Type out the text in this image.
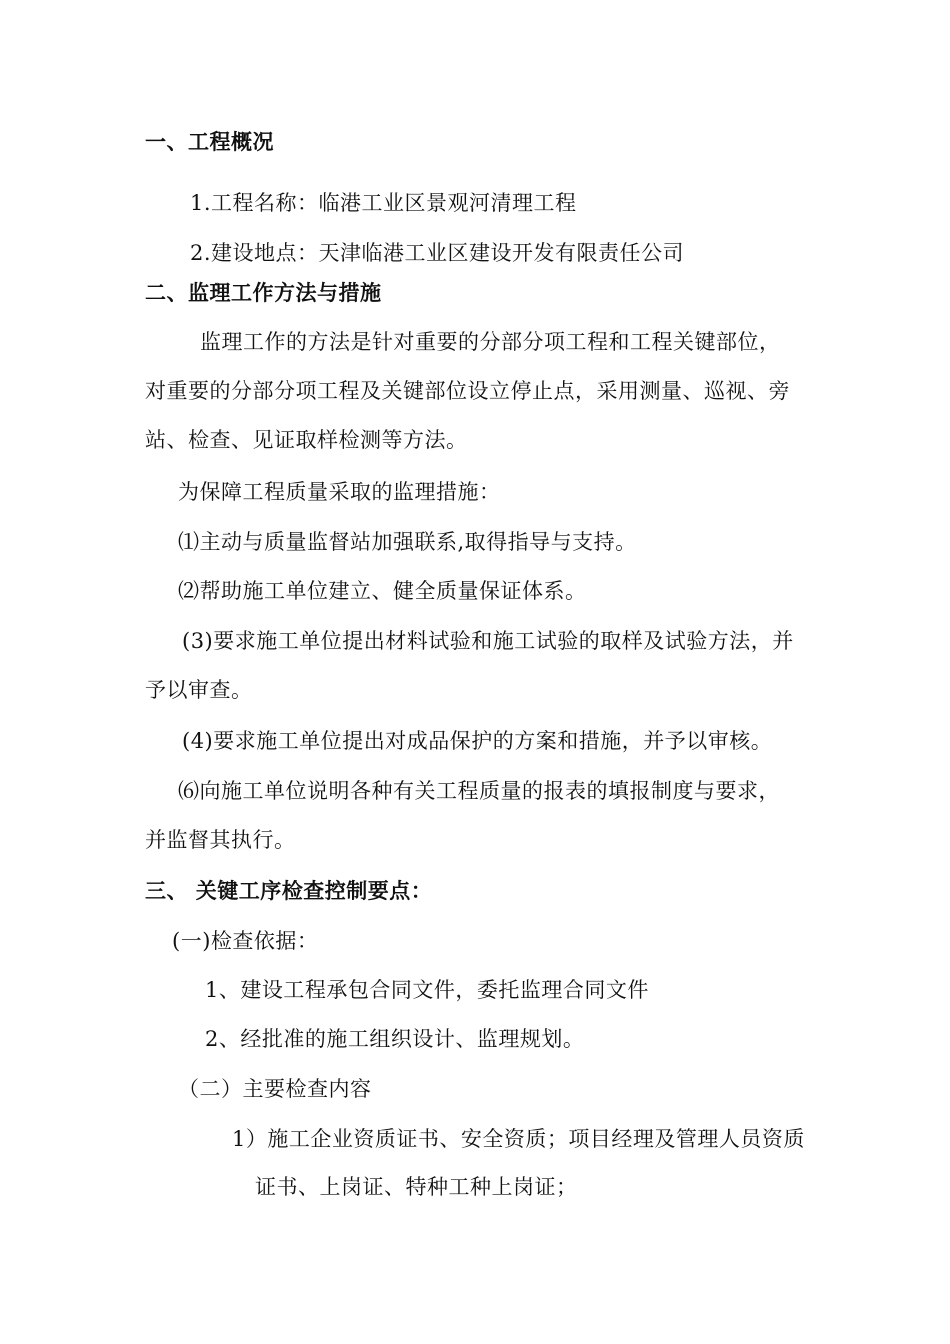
一、工程概况
1.工程名称：临港工业区景观河清理工程
2.建设地点：天津临港工业区建设开发有限责任公司
二、监理工作方法与措施
监理工作的方法是针对重要的分部分项工程和工程关键部位，
对重要的分部分项工程及关键部位设立停止点，采用测量、巡视、旁
站、检查、见证取样检测等方法。
为保障工程质量采取的监理措施：
⑴主动与质量监督站加强联系,取得指导与支持。
⑵帮助施工单位建立、健全质量保证体系。
(3)要求施工单位提出材料试验和施工试验的取样及试验方法，并
予以审查。
(4)要求施工单位提出对成品保护的方案和措施，并予以审核。
⑹向施工单位说明各种有关工程质量的报表的填报制度与要求，
并监督其执行。
三、 关键工序检查控制要点：
(一)检查依据：
1、建设工程承包合同文件，委托监理合同文件
2、经批准的施工组织设计、监理规划。
（二）主要检查内容
1）施工企业资质证书、安全资质；项目经理及管理人员资质
证书、上岗证、特种工种上岗证；
